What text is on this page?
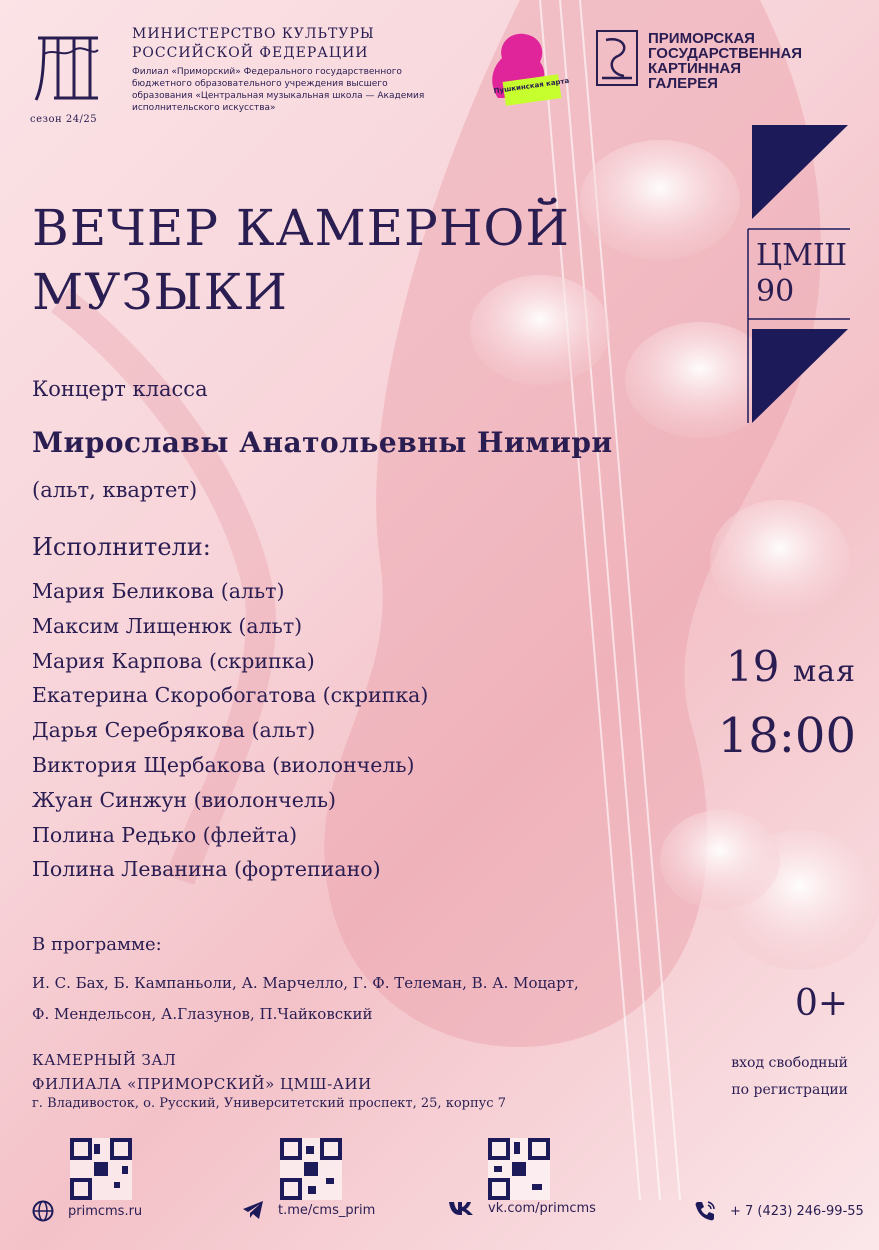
сезон 24/25
МИНИСТЕРСТВО КУЛЬТУРЫ РОССИЙСКОЙ ФЕДЕРАЦИИ
Филиал «Приморский» Федерального государственного бюджетного образовательного учреждения высшего образования «Центральная музыкальная школа — Академия исполнительского искусства»
Пушкинская карта
ПРИМОРСКАЯ
ГОСУДАРСТВЕННАЯ
КАРТИННАЯ
ГАЛЕРЕЯ
ВЕЧЕР КАМЕРНОЙ
МУЗЫКИ
ЦМШ
90
Концерт класса
Мирославы Анатольевны Нимири
(альт, квартет)
Исполнители:
Мария Беликова (альт)
Максим Лищенюк (альт)
Мария Карпова (скрипка)
Екатерина Скоробогатова (скрипка)
Дарья Серебрякова (альт)
Виктория Щербакова (виолончель)
Жуан Синжун (виолончель)
Полина Редько (флейта)
Полина Леванина (фортепиано)
19 мая
18:00
В программе:
И. С. Бах, Б. Кампаньоли, А. Марчелло, Г. Ф. Телеман, В. А. Моцарт,
Ф. Мендельсон, А.Глазунов, П.Чайковский	0+
вход свободный
по регистрации
КАМЕРНЫЙ ЗАЛ
ФИЛИАЛА «ПРИМОРСКИЙ» ЦМШ-АИИ
г. Владивосток, о. Русский, Университетский проспект, 25, корпус 7
primcms.ru	t.me/cms_prim	vk.com/primcms	+ 7 (423) 246-99-55
